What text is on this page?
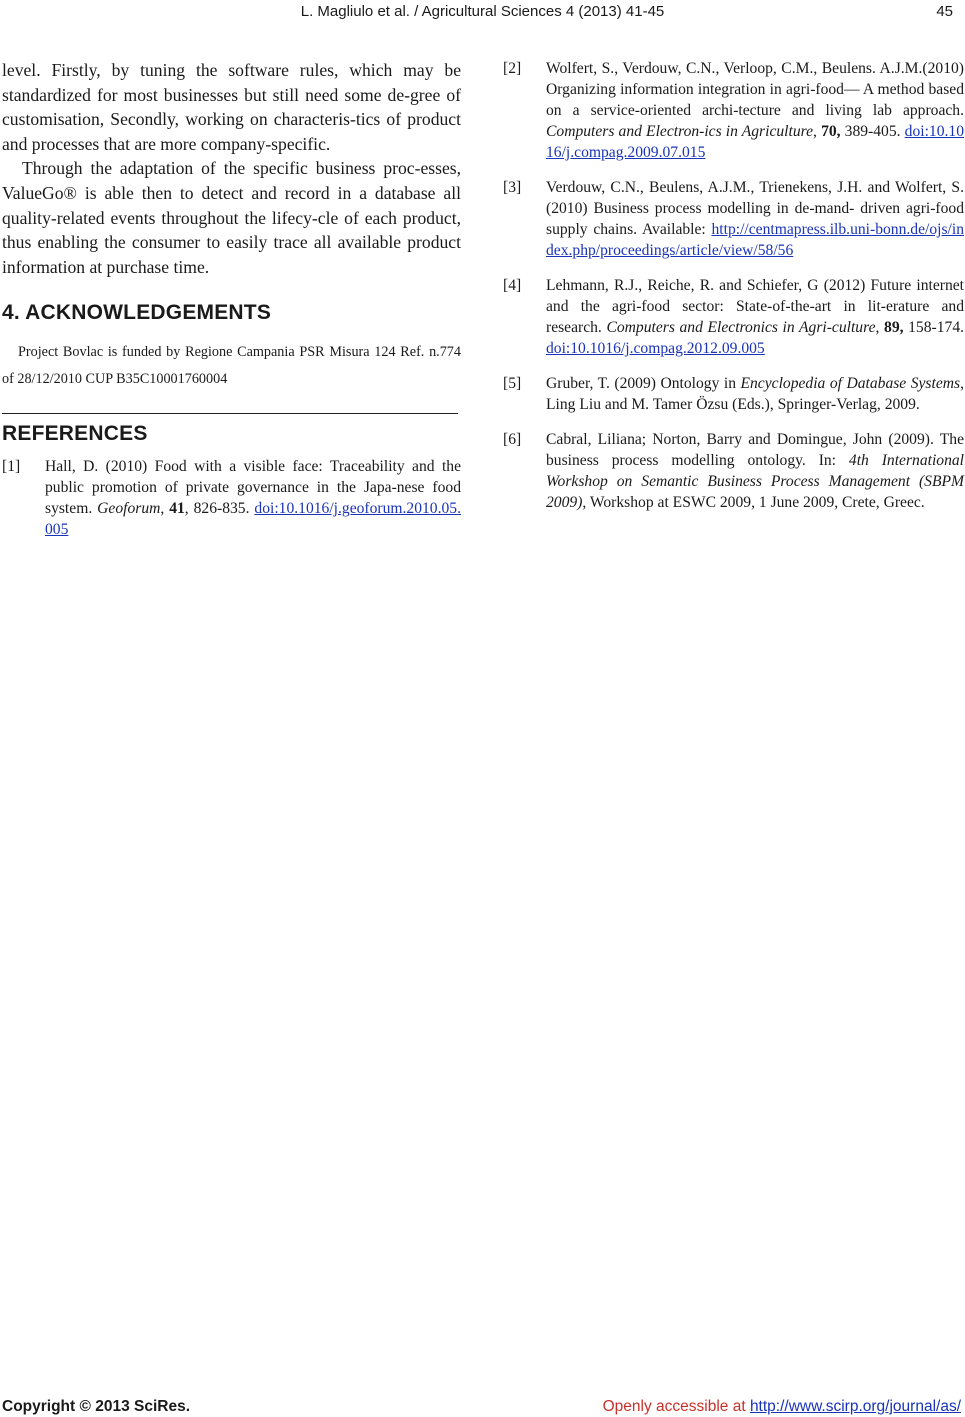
L. Magliulo et al. / Agricultural Sciences 4 (2013) 41-45	45

level. Firstly, by tuning the software rules, which may be standardized for most businesses but still need some de-gree of customisation, Secondly, working on characteris-tics of product and processes that are more company-specific.

Through the adaptation of the specific business proc-esses, ValueGo® is able then to detect and record in a database all quality-related events throughout the lifecy-cle of each product, thus enabling the consumer to easily trace all available product information at purchase time.

4. ACKNOWLEDGEMENTS

Project Bovlac is funded by Regione Campania PSR Misura 124 Ref. n.774 of 28/12/2010 CUP B35C10001760004

REFERENCES
[1]	Hall, D. (2010) Food with a visible face: Traceability and the public promotion of private governance in the Japa-nese food system. Geoforum, 41, 826-835. doi:10.1016/j.geoforum.2010.05.005
[2]	Wolfert, S., Verdouw, C.N., Verloop, C.M., Beulens. A.J.M.(2010) Organizing information integration in agri-food— A method based on a service-oriented archi-tecture and living lab approach. Computers and Electron-ics in Agriculture, 70, 389-405. doi:10.1016/j.compag.2009.07.015
[3]	Verdouw, C.N., Beulens, A.J.M., Trienekens, J.H. and Wolfert, S. (2010) Business process modelling in de-mand- driven agri-food supply chains. Available: http://centmapress.ilb.uni-bonn.de/ojs/index.php/proceedings/article/view/58/56
[4]	Lehmann, R.J., Reiche, R. and Schiefer, G (2012) Future internet and the agri-food sector: State-of-the-art in lit-erature and research. Computers and Electronics in Agri-culture, 89, 158-174. doi:10.1016/j.compag.2012.09.005
[5]	Gruber, T. (2009) Ontology in Encyclopedia of Database Systems, Ling Liu and M. Tamer Özsu (Eds.), Springer-Verlag, 2009.
[6]	Cabral, Liliana; Norton, Barry and Domingue, John (2009). The business process modelling ontology. In: 4th International Workshop on Semantic Business Process Management (SBPM 2009), Workshop at ESWC 2009, 1 June 2009, Crete, Greec.
Copyright © 2013 SciRes.	Openly accessible at http://www.scirp.org/journal/as/
